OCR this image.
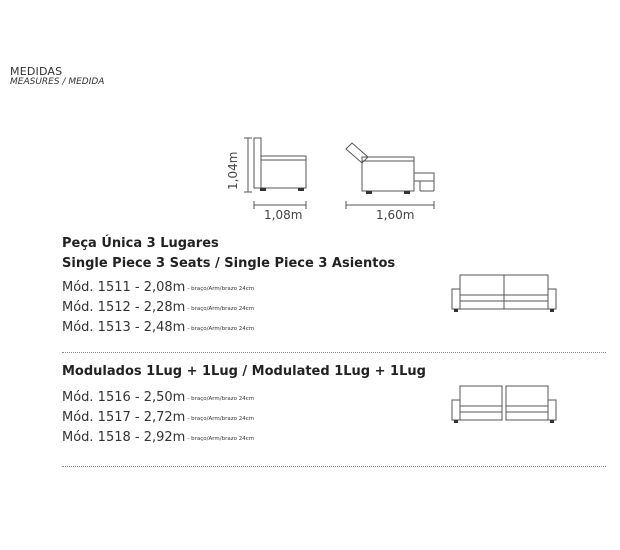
MEDIDAS
MEASURES / MEDIDA
1,04m
1,08m	1,60m
Peça Única 3 Lugares
Single Piece 3 Seats / Single Piece 3 Asientos
Mód. 1511 - 2,08m - braço/Arm/brazo 24cm
Mód. 1512 - 2,28m - braço/Arm/brazo 24cm
Mód. 1513 - 2,48m - braço/Arm/brazo 24cm
Modulados 1Lug + 1Lug / Modulated 1Lug + 1Lug
Mód. 1516 - 2,50m - braço/Arm/brazo 24cm
Mód. 1517 - 2,72m - braço/Arm/brazo 24cm
Mód. 1518 - 2,92m - braço/Arm/brazo 24cm
